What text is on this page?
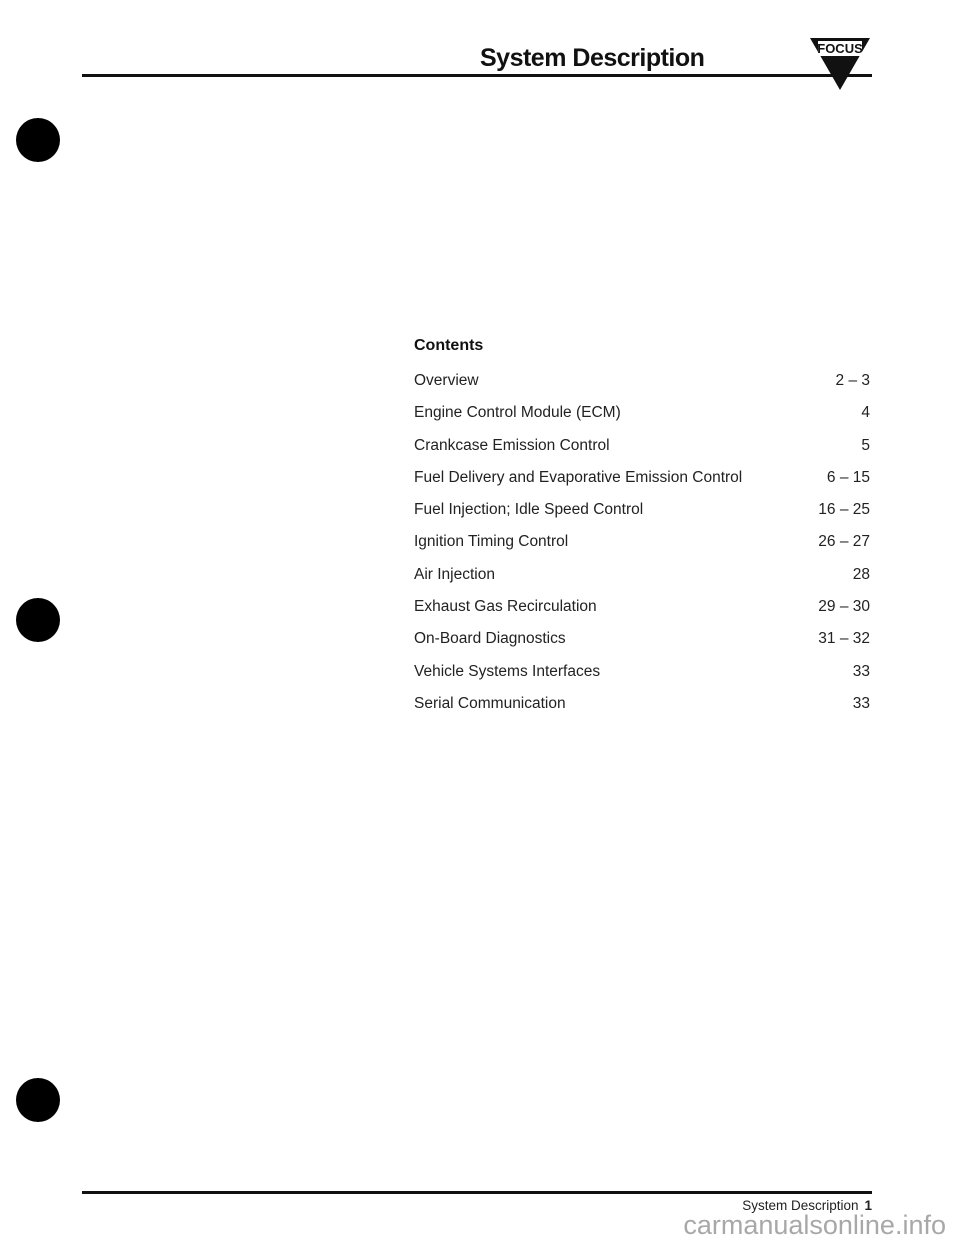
System Description	FOCUS
Contents
Overview	2 – 3
Engine Control Module (ECM)	4
Crankcase Emission Control	5
Fuel Delivery and Evaporative Emission Control	6 – 15
Fuel Injection; Idle Speed Control	16 – 25
Ignition Timing Control	26 – 27
Air Injection	28
Exhaust Gas Recirculation	29 – 30
On-Board Diagnostics	31 – 32
Vehicle Systems Interfaces	33
Serial Communication	33
System Description 1
carmanualsonline.info
